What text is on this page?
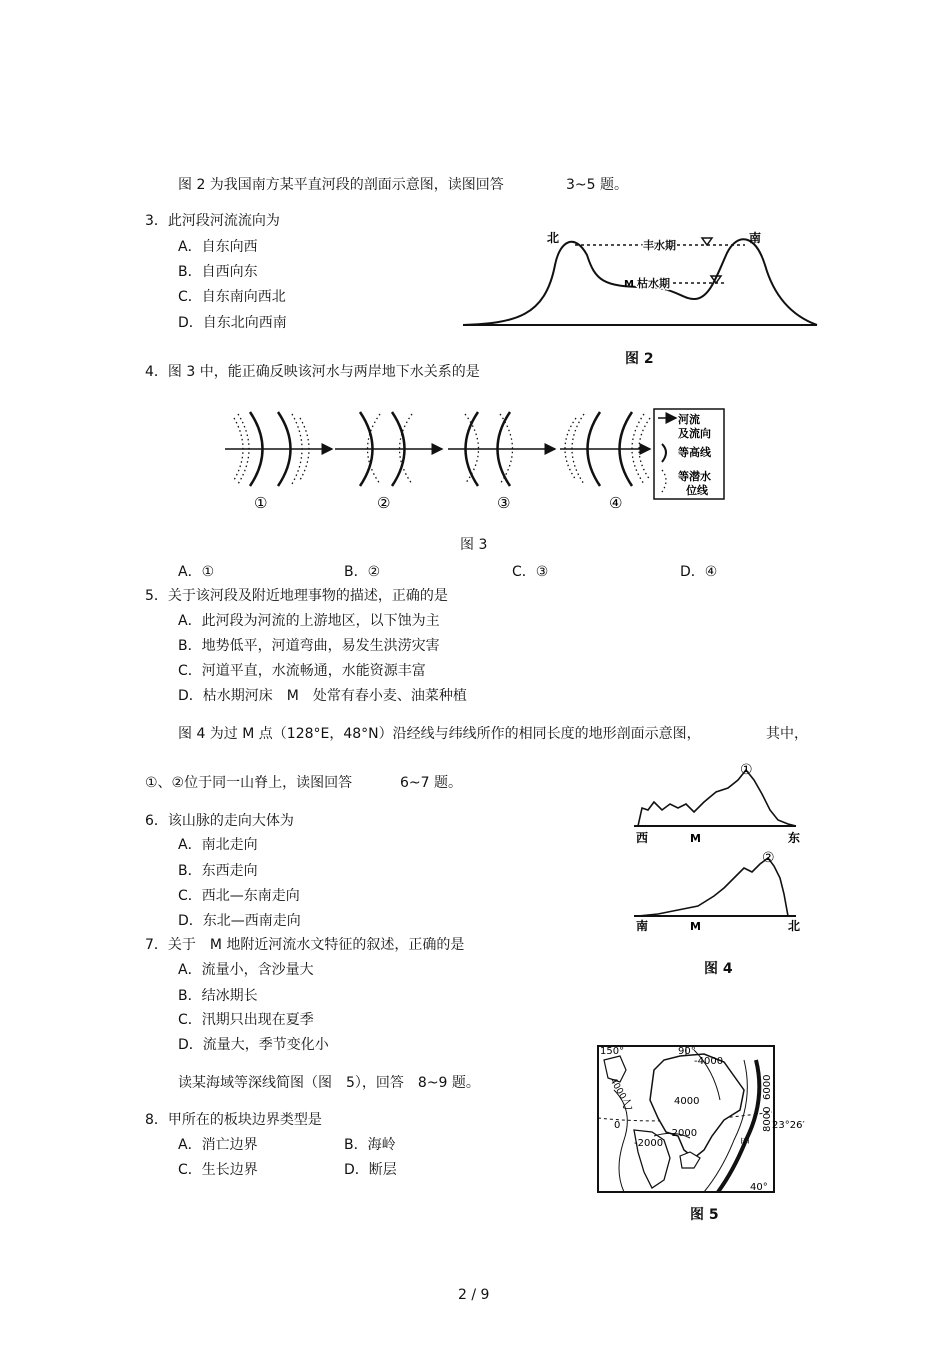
图 2 为我国南方某平直河段的剖面示意图，读图回答	3~5 题。
3．此河段河流流向为
A．自东向西
B．自西向东
C．自东南向西北
D．自东北向西南
北	南
丰水期
M 枯水期
图 2
4．图 3 中，能正确反映该河水与两岸地下水关系的是
①	②	③	④
河流
及流向
等高线
等潜水
位线
图 3
A．①	B．②	C．③	D．④
5．关于该河段及附近地理事物的描述，正确的是
A．此河段为河流的上游地区，以下蚀为主
B．地势低平，河道弯曲，易发生洪涝灾害
C．河道平直，水流畅通，水能资源丰富
D．枯水期河床　M　处常有春小麦、油菜种植
图 4 为过 M 点（128°E，48°N）沿经线与纬线所作的相同长度的地形剖面示意图，	其中，
①、②位于同一山脊上，读图回答	6~7 题。
6．该山脉的走向大体为
A．南北走向
B．东西走向
C．西北—东南走向
D．东北—西南走向
7．关于　M 地附近河流水文特征的叙述，正确的是
A．流量小，含沙量大
B．结冰期长
C．汛期只出现在夏季
D．流量大，季节变化小
①
西	M	东
②
南	M	北
图 4
读某海域等深线简图（图　5），回答　8~9 题。
8．甲所在的板块边界类型是
A．消亡边界	B．海岭
C．生长边界	D．断层
150°	90°
-4000
4000
4000
乙
0
-2000
-2000
6000
8000 23°26′
甲
40°
图 5
2 / 9
